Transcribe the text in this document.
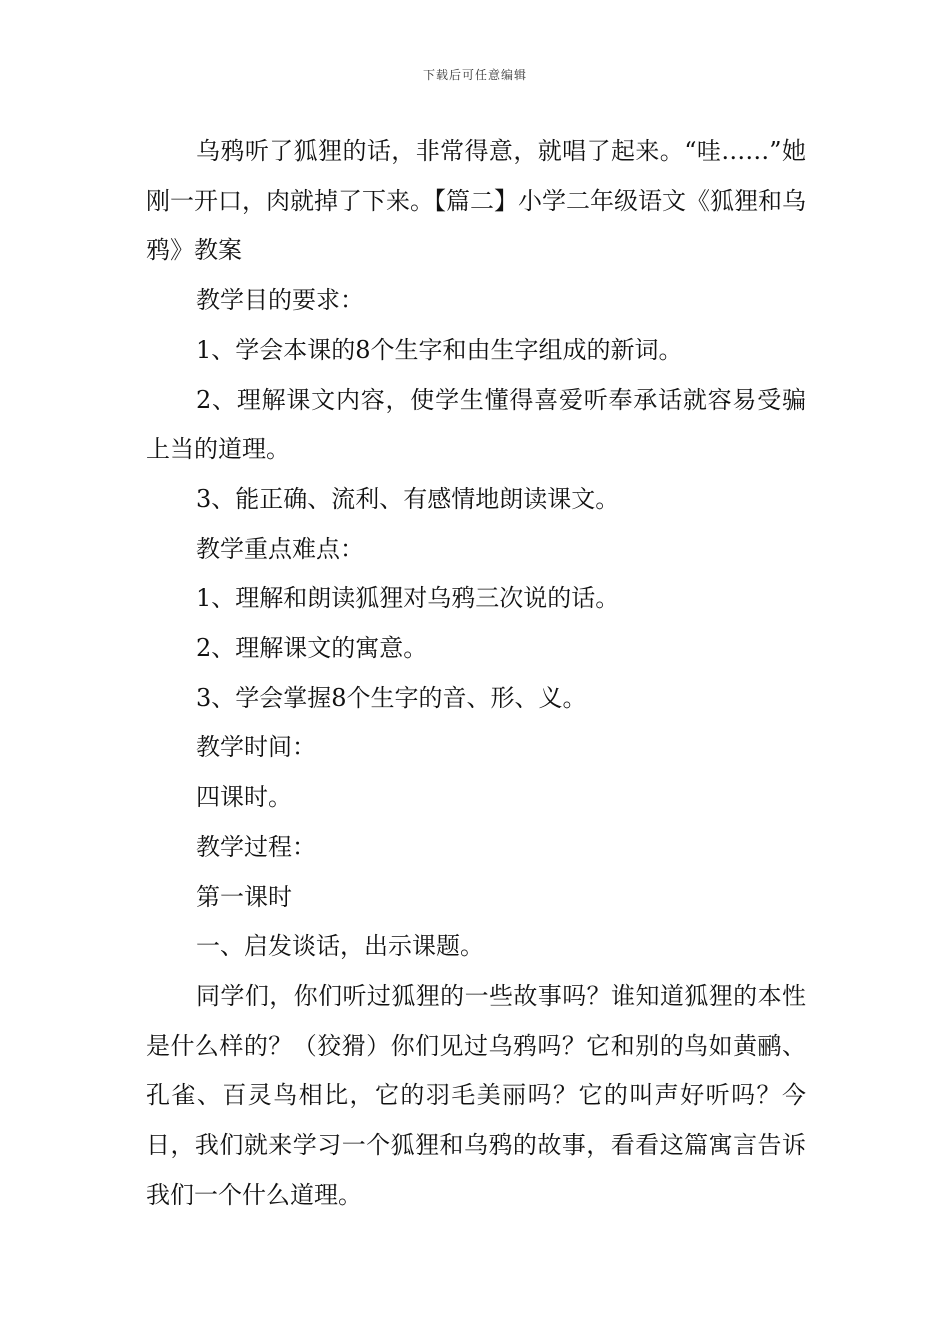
下载后可任意编辑

乌鸦听了狐狸的话，非常得意，就唱了起来。“哇……”她刚一开口，肉就掉了下来。【篇二】小学二年级语文《狐狸和乌鸦》教案

教学目的要求：

1、学会本课的8个生字和由生字组成的新词。

2、理解课文内容，使学生懂得喜爱听奉承话就容易受骗上当的道理。

3、能正确、流利、有感情地朗读课文。

教学重点难点：

1、理解和朗读狐狸对乌鸦三次说的话。

2、理解课文的寓意。

3、学会掌握8个生字的音、形、义。

教学时间：

四课时。

教学过程：

第一课时

一、启发谈话，出示课题。

同学们，你们听过狐狸的一些故事吗？谁知道狐狸的本性是什么样的？（狡猾）你们见过乌鸦吗？它和别的鸟如黄鹂、孔雀、百灵鸟相比，它的羽毛美丽吗？它的叫声好听吗？今日，我们就来学习一个狐狸和乌鸦的故事，看看这篇寓言告诉我们一个什么道理。
